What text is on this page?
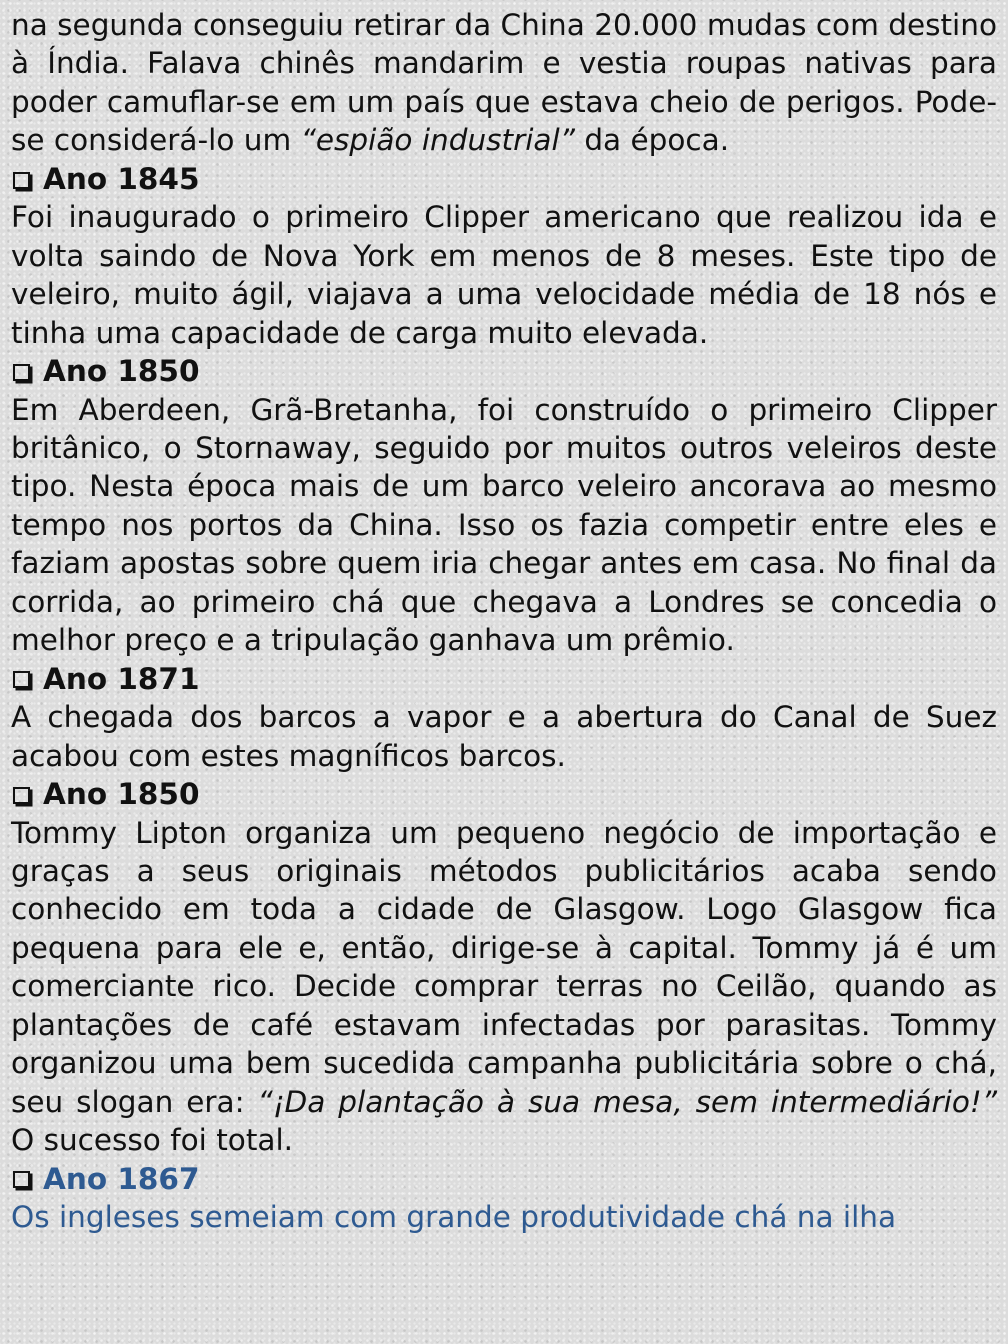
na segunda conseguiu retirar da China 20.000 mudas com destino à Índia. Falava chinês mandarim e vestia roupas nativas para poder camuflar-se em um país que estava cheio de perigos. Pode-se considerá-lo um “espião industrial” da época.

Ano 1845

Foi inaugurado o primeiro Clipper americano que realizou ida e volta saindo de Nova York em menos de 8 meses. Este tipo de veleiro, muito ágil, viajava a uma velocidade média de 18 nós e tinha uma capacidade de carga muito elevada.

Ano 1850

Em Aberdeen, Grã-Bretanha, foi construído o primeiro Clipper britânico, o Stornaway, seguido por muitos outros veleiros deste tipo. Nesta época mais de um barco veleiro ancorava ao mesmo tempo nos portos da China. Isso os fazia competir entre eles e faziam apostas sobre quem iria chegar antes em casa. No final da corrida, ao primeiro chá que chegava a Londres se concedia o melhor preço e a tripulação ganhava um prêmio.

Ano 1871

A chegada dos barcos a vapor e a abertura do Canal de Suez acabou com estes magníficos barcos.

Ano 1850

Tommy Lipton organiza um pequeno negócio de importação e graças a seus originais métodos publicitários acaba sendo conhecido em toda a cidade de Glasgow. Logo Glasgow fica pequena para ele e, então, dirige-se à capital. Tommy já é um comerciante rico. Decide comprar terras no Ceilão, quando as plantações de café estavam infectadas por parasitas. Tommy organizou uma bem sucedida campanha publicitária sobre o chá, seu slogan era: “¡Da plantação à sua mesa, sem intermediário!” O sucesso foi total.

Ano 1867

Os ingleses semeiam com grande produtividade chá na ilha
